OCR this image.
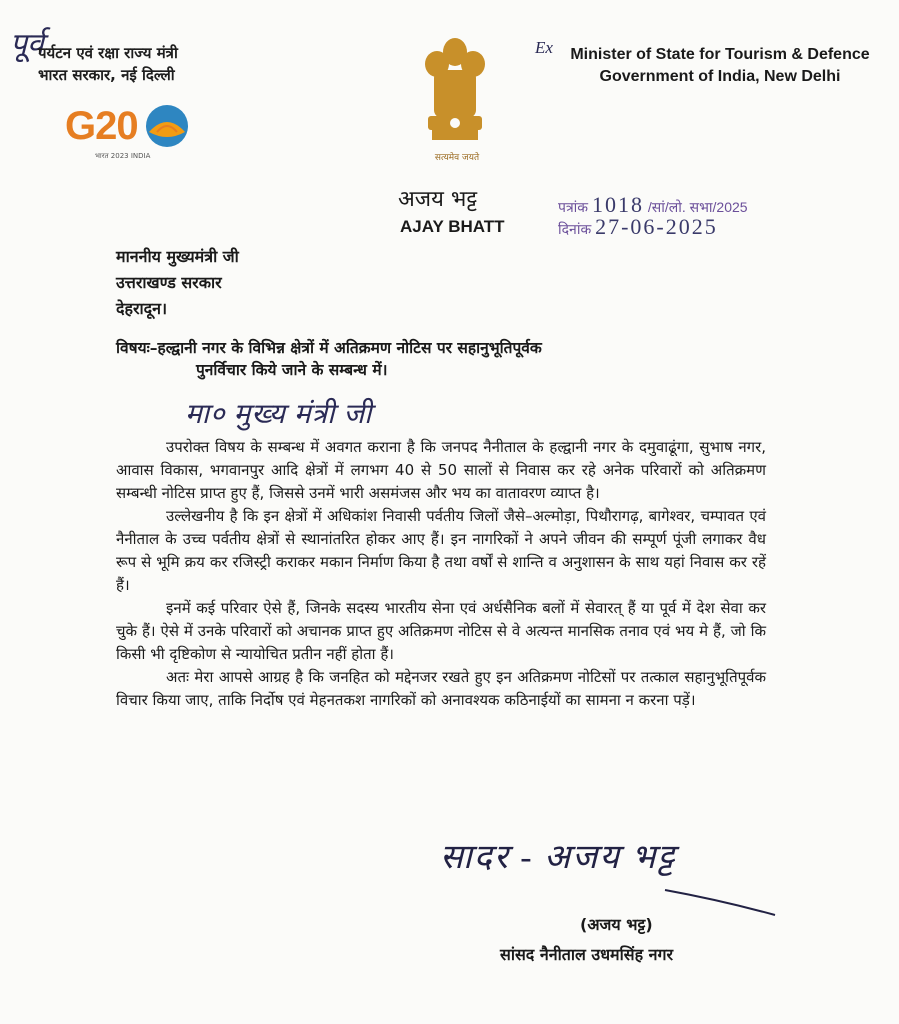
पूर्व
पर्यटन एवं रक्षा राज्य मंत्री
भारत सरकार, नई दिल्ली
G20
भारत 2023 INDIA	सत्यमेव जयते
Ex	Minister of State for Tourism & Defence
Government of India, New Delhi
अजय भट्ट
AJAY BHATT
पत्रांक 1018 /सां/लो. सभा/2025
दिनांक 27-06-2025
माननीय मुख्यमंत्री जी
उत्तराखण्ड सरकार
देहरादून।
विषयः–हल्द्वानी नगर के विभिन्न क्षेत्रों में अतिक्रमण नोटिस पर सहानुभूतिपूर्वक
पुनर्विचार किये जाने के सम्बन्ध में।
मा० मुख्य मंत्री जी

उपरोक्त विषय के सम्बन्ध में अवगत कराना है कि जनपद नैनीताल के हल्द्वानी नगर के दमुवाढूंगा, सुभाष नगर, आवास विकास, भगवानपुर आदि क्षेत्रों में लगभग 40 से 50 सालों से निवास कर रहे अनेक परिवारों को अतिक्रमण सम्बन्धी नोटिस प्राप्त हुए हैं, जिससे उनमें भारी असमंजस और भय का वातावरण व्याप्त है।

उल्लेखनीय है कि इन क्षेत्रों में अधिकांश निवासी पर्वतीय जिलों जैसे–अल्मोड़ा, पिथौरागढ़, बागेश्वर, चम्पावत एवं नैनीताल के उच्च पर्वतीय क्षेत्रों से स्थानांतरित होकर आए हैं। इन नागरिकों ने अपने जीवन की सम्पूर्ण पूंजी लगाकर वैध रूप से भूमि क्रय कर रजिस्ट्री कराकर मकान निर्माण किया है तथा वर्षों से शान्ति व अनुशासन के साथ यहां निवास कर रहें हैं।

इनमें कई परिवार ऐसे हैं, जिनके सदस्य भारतीय सेना एवं अर्धसैनिक बलों में सेवारत् हैं या पूर्व में देश सेवा कर चुके हैं। ऐसे में उनके परिवारों को अचानक प्राप्त हुए अतिक्रमण नोटिस से वे अत्यन्त मानसिक तनाव एवं भय मे हैं, जो कि किसी भी दृष्टिकोण से न्यायोचित प्रतीन नहीं होता हैं।

अतः मेरा आपसे आग्रह है कि जनहित को मद्देनजर रखते हुए इन अतिक्रमण नोटिसों पर तत्काल सहानुभूतिपूर्वक विचार किया जाए, ताकि निर्दोष एवं मेहनतकश नागरिकों को अनावश्यक कठिनाईयों का सामना न करना पड़ें।

सादर - अजय भट्ट
(अजय भट्ट)
सांसद नैनीताल उधमसिंह नगर
